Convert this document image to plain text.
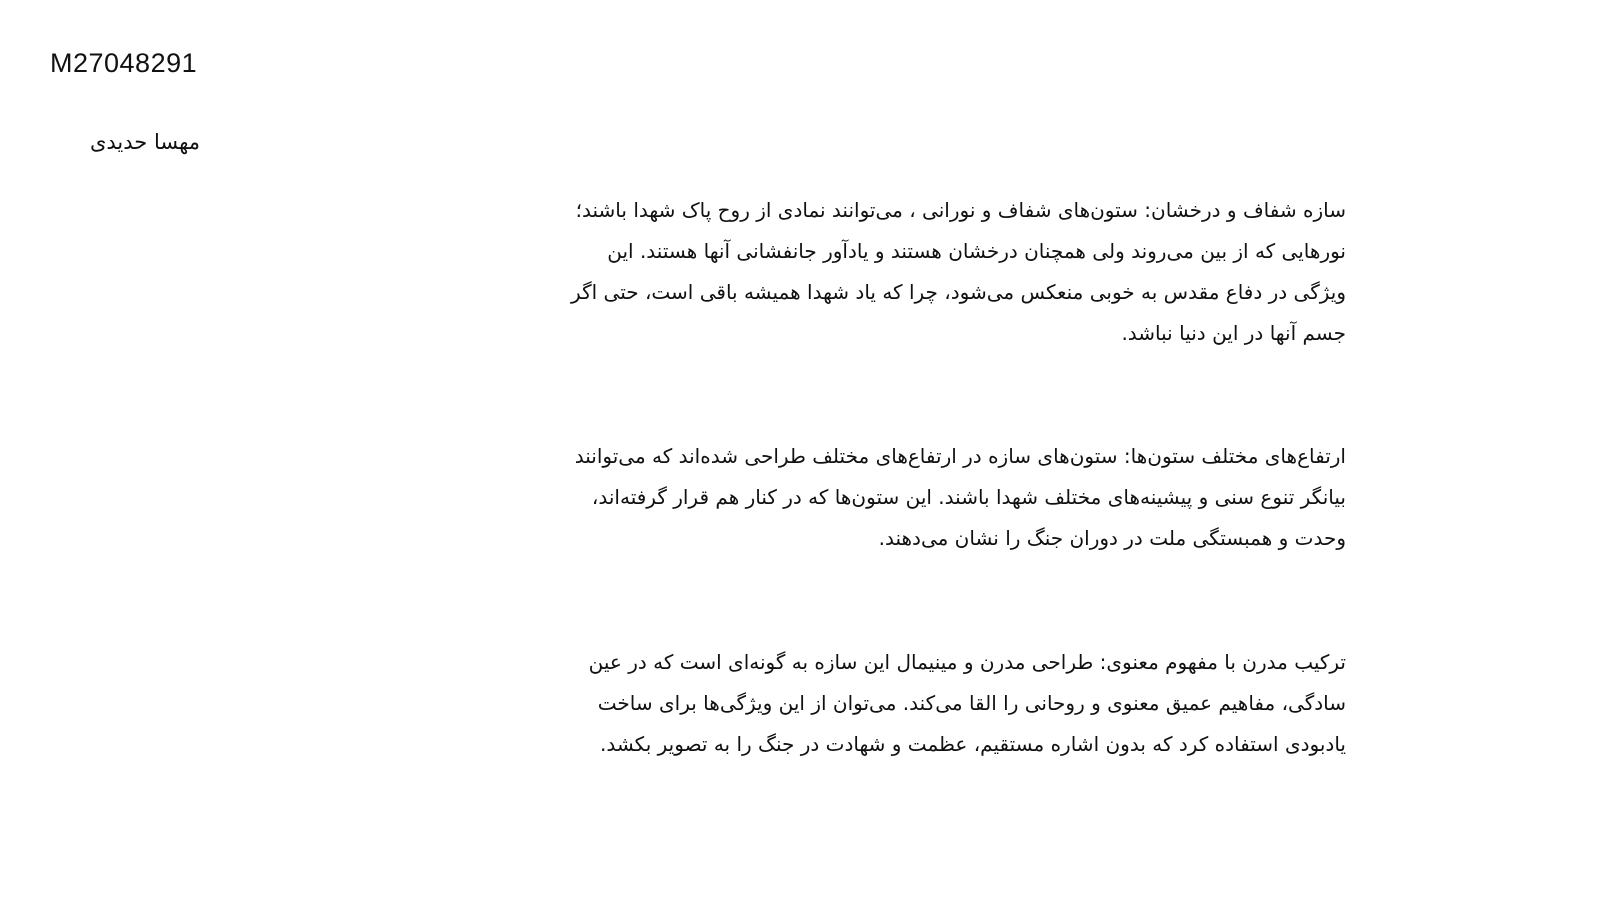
M27048291
مهسا حدیدی

سازه شفاف و درخشان: ستون‌های شفاف و نورانی ، می‌توانند نمادی از روح پاک شهدا باشند؛
نورهایی که از بین می‌روند ولی همچنان درخشان هستند و یادآور جانفشانی آنها هستند. این
ویژگی در دفاع مقدس به خوبی منعکس می‌شود، چرا که یاد شهدا همیشه باقی است، حتی اگر
جسم آنها در این دنیا نباشد.

ارتفاع‌های مختلف ستون‌ها: ستون‌های سازه در ارتفاع‌های مختلف طراحی شده‌اند که می‌توانند
بیانگر تنوع سنی و پیشینه‌های مختلف شهدا باشند. این ستون‌ها که در کنار هم قرار گرفته‌اند،
وحدت و همبستگی ملت در دوران جنگ را نشان می‌دهند.

ترکیب مدرن با مفهوم معنوی: طراحی مدرن و مینیمال این سازه به گونه‌ای است که در عین
سادگی، مفاهیم عمیق معنوی و روحانی را القا می‌کند. می‌توان از این ویژگی‌ها برای ساخت
یادبودی استفاده کرد که بدون اشاره مستقیم، عظمت و شهادت در جنگ را به تصویر بکشد.
